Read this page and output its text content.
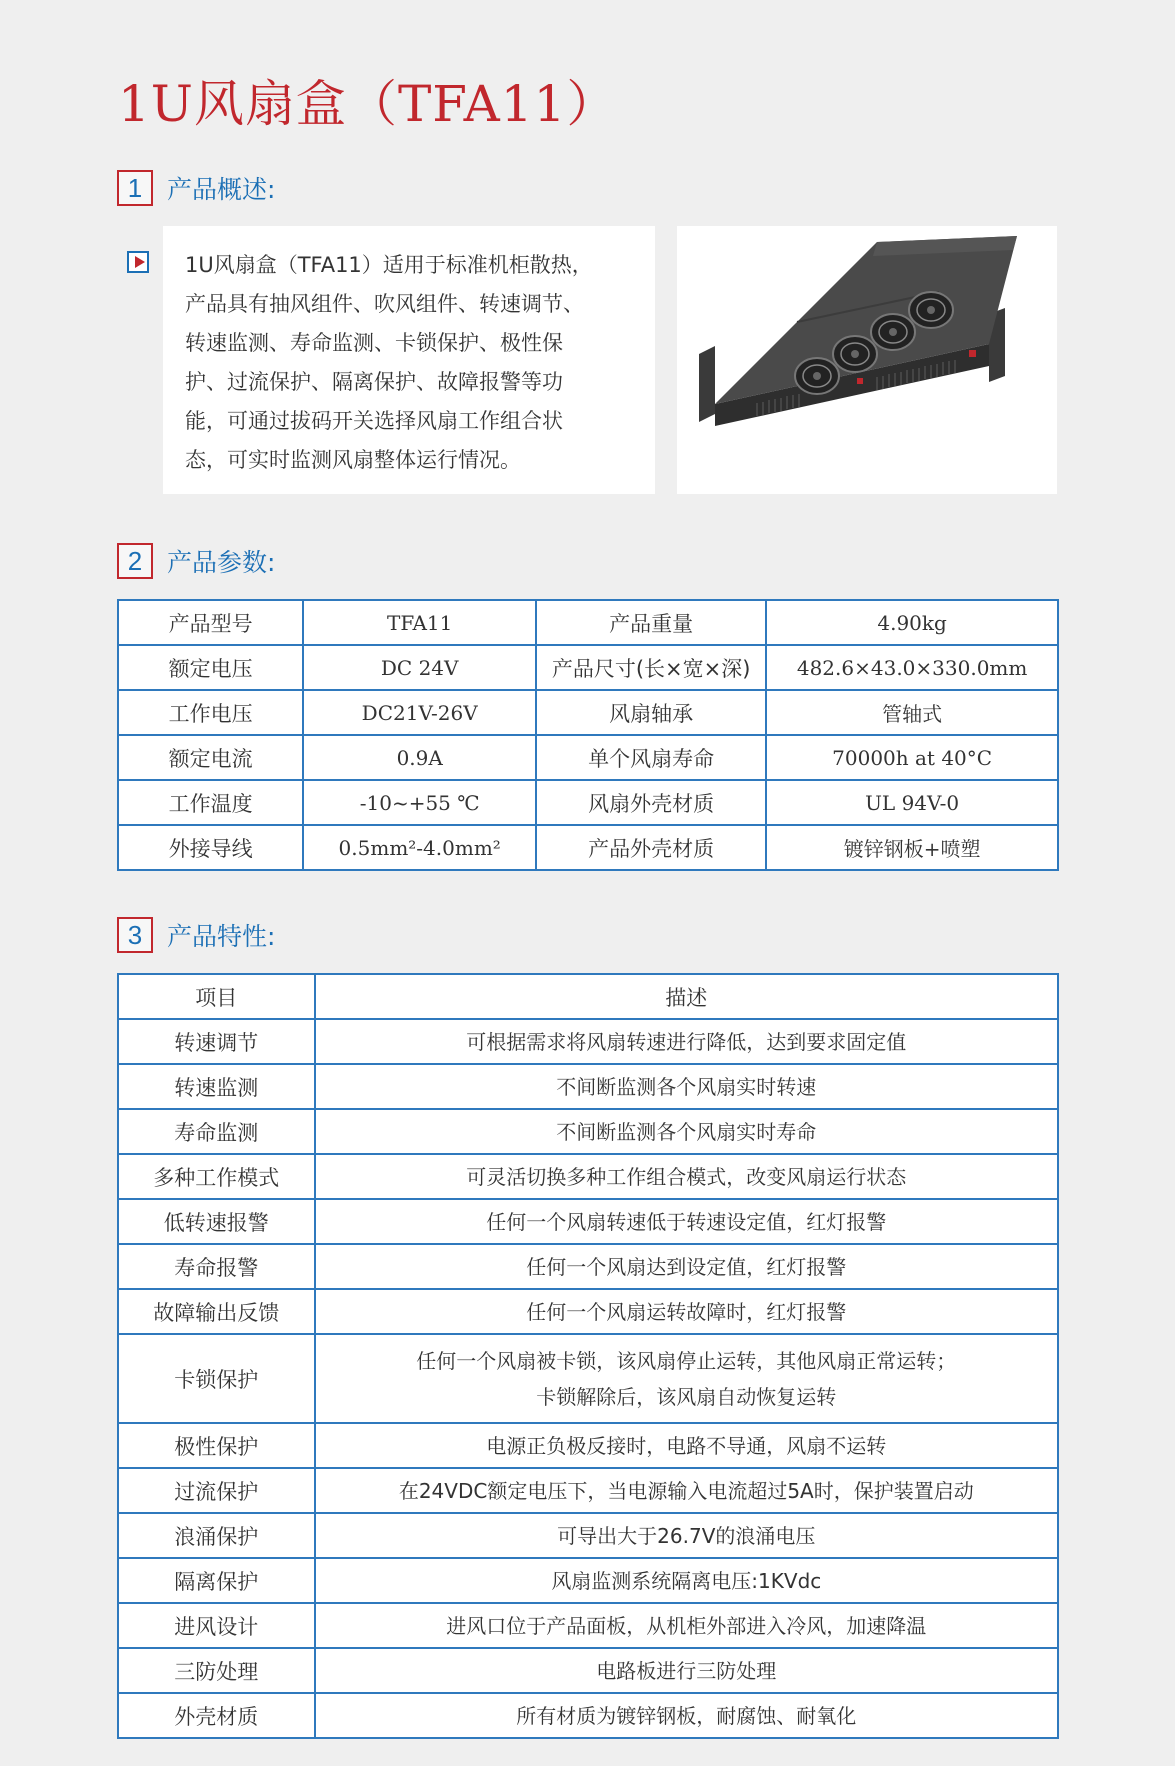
1U风扇盒（TFA11）
1 产品概述:

1U风扇盒（TFA11）适用于标准机柜散热，
产品具有抽风组件、吹风组件、转速调节、
转速监测、寿命监测、卡锁保护、极性保
护、过流保护、隔离保护、故障报警等功
能，可通过拔码开关选择风扇工作组合状
态，可实时监测风扇整体运行情况。

2 产品参数:
产品型号	TFA11	产品重量	4.90kg
额定电压	DC 24V	产品尺寸(长×宽×深)	482.6×43.0×330.0mm
工作电压	DC21V-26V	风扇轴承	管轴式
额定电流	0.9A	单个风扇寿命	70000h at 40°C
工作温度	-10~+55 ℃	风扇外壳材质	UL 94V-0
外接导线	0.5mm²-4.0mm²	产品外壳材质	镀锌钢板+喷塑
3 产品特性:
项目	描述
转速调节	可根据需求将风扇转速进行降低，达到要求固定值

转速监测	不间断监测各个风扇实时转速

寿命监测	不间断监测各个风扇实时寿命

多种工作模式	可灵活切换多种工作组合模式，改变风扇运行状态

低转速报警	任何一个风扇转速低于转速设定值，红灯报警

寿命报警	任何一个风扇达到设定值，红灯报警

故障输出反馈	任何一个风扇运转故障时，红灯报警

卡锁保护	任何一个风扇被卡锁，该风扇停止运转，其他风扇正常运转；
卡锁解除后，该风扇自动恢复运转

极性保护	电源正负极反接时，电路不导通，风扇不运转

过流保护	在24VDC额定电压下，当电源输入电流超过5A时，保护装置启动

浪涌保护	可导出大于26.7V的浪涌电压

隔离保护	风扇监测系统隔离电压:1KVdc

进风设计	进风口位于产品面板，从机柜外部进入冷风，加速降温

三防处理	电路板进行三防处理

外壳材质	所有材质为镀锌钢板，耐腐蚀、耐氧化
